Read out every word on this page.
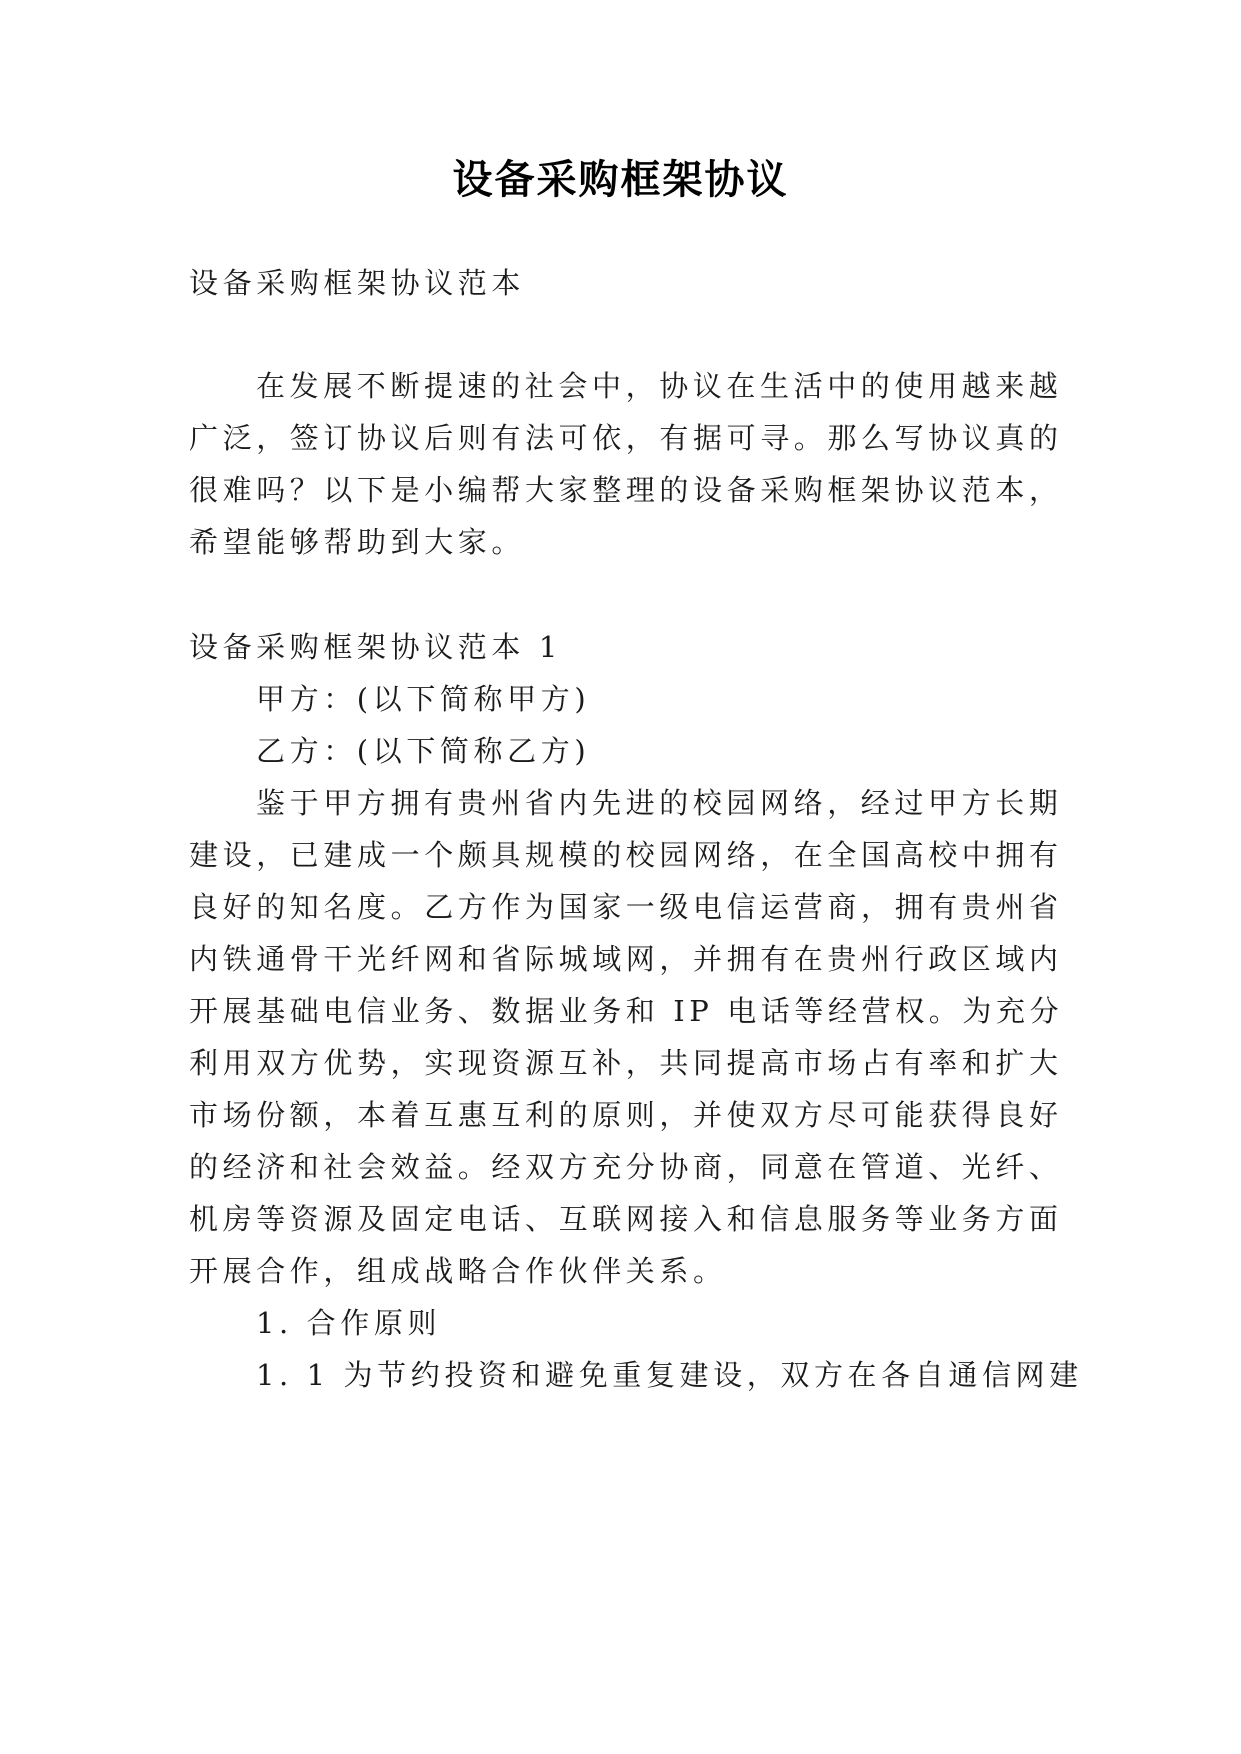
设备采购框架协议
设备采购框架协议范本
在发展不断提速的社会中，协议在生活中的使用越来越
广泛，签订协议后则有法可依，有据可寻。那么写协议真的
很难吗？以下是小编帮大家整理的设备采购框架协议范本，
希望能够帮助到大家。
设备采购框架协议范本 1
甲方：(以下简称甲方)
乙方：(以下简称乙方)
鉴于甲方拥有贵州省内先进的校园网络，经过甲方长期
建设，已建成一个颇具规模的校园网络，在全国高校中拥有
良好的知名度。乙方作为国家一级电信运营商，拥有贵州省
内铁通骨干光纤网和省际城域网，并拥有在贵州行政区域内
开展基础电信业务、数据业务和 IP 电话等经营权。为充分
利用双方优势，实现资源互补，共同提高市场占有率和扩大
市场份额，本着互惠互利的原则，并使双方尽可能获得良好
的经济和社会效益。经双方充分协商，同意在管道、光纤、
机房等资源及固定电话、互联网接入和信息服务等业务方面
开展合作，组成战略合作伙伴关系。
1. 合作原则
1. 1 为节约投资和避免重复建设，双方在各自通信网建
